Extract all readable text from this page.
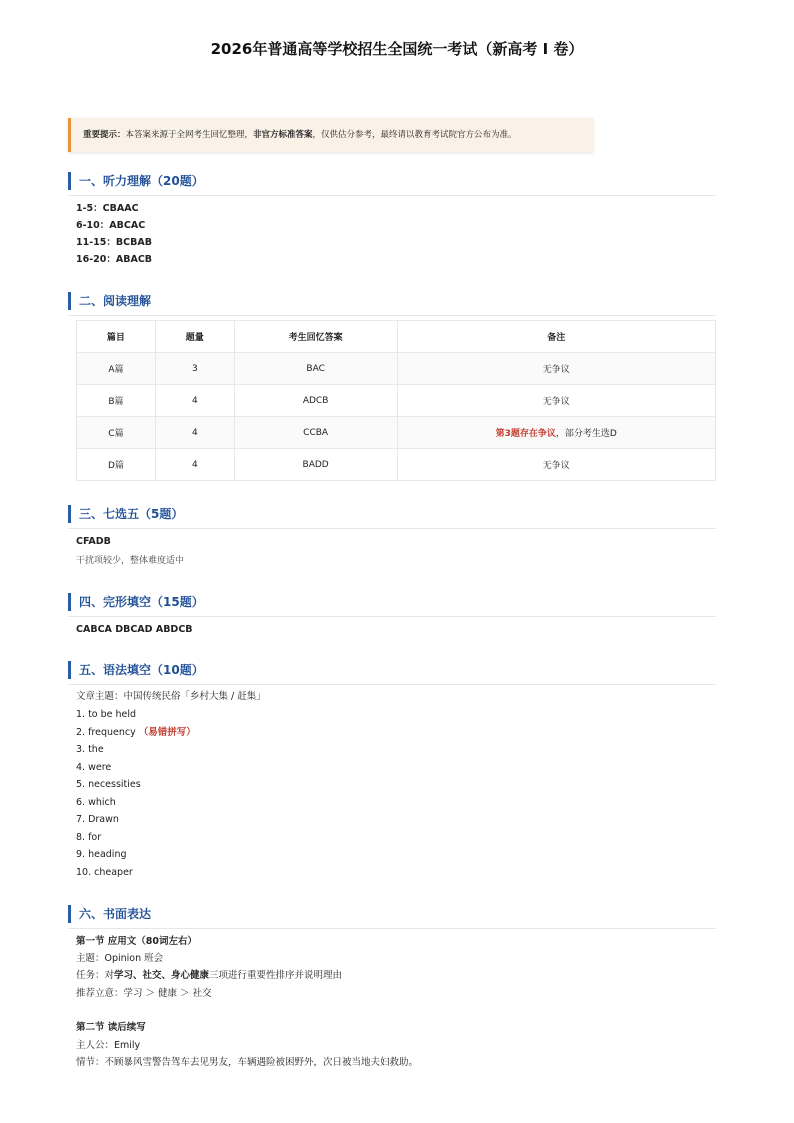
2026年普通高等学校招生全国统一考试（新高考 I 卷）
重要提示：本答案来源于全网考生回忆整理，非官方标准答案，仅供估分参考，最终请以教育考试院官方公布为准。
一、听力理解（20题）
1-5：CBAAC
6-10：ABCAC
11-15：BCBAB
16-20：ABACB
二、阅读理解
篇目	题量	考生回忆答案	备注
A篇	3	BAC	无争议
B篇	4	ADCB	无争议
C篇	4	CCBA	第3题存在争议，部分考生选D
D篇	4	BADD	无争议
三、七选五（5题）
CFADB
干扰项较少，整体难度适中
四、完形填空（15题）
CABCA DBCAD ABDCB
五、语法填空（10题）
文章主题：中国传统民俗「乡村大集 / 赶集」
1. to be held
2. frequency （易错拼写）
3. the
4. were
5. necessities
6. which
7. Drawn
8. for
9. heading
10. cheaper
六、书面表达
第一节 应用文（80词左右）
主题：Opinion 班会
任务：对学习、社交、身心健康三项进行重要性排序并说明理由
推荐立意：学习 ＞ 健康 ＞ 社交
第二节 读后续写
主人公：Emily
情节：不顾暴风雪警告驾车去见男友，车辆遇险被困野外，次日被当地夫妇救助。
